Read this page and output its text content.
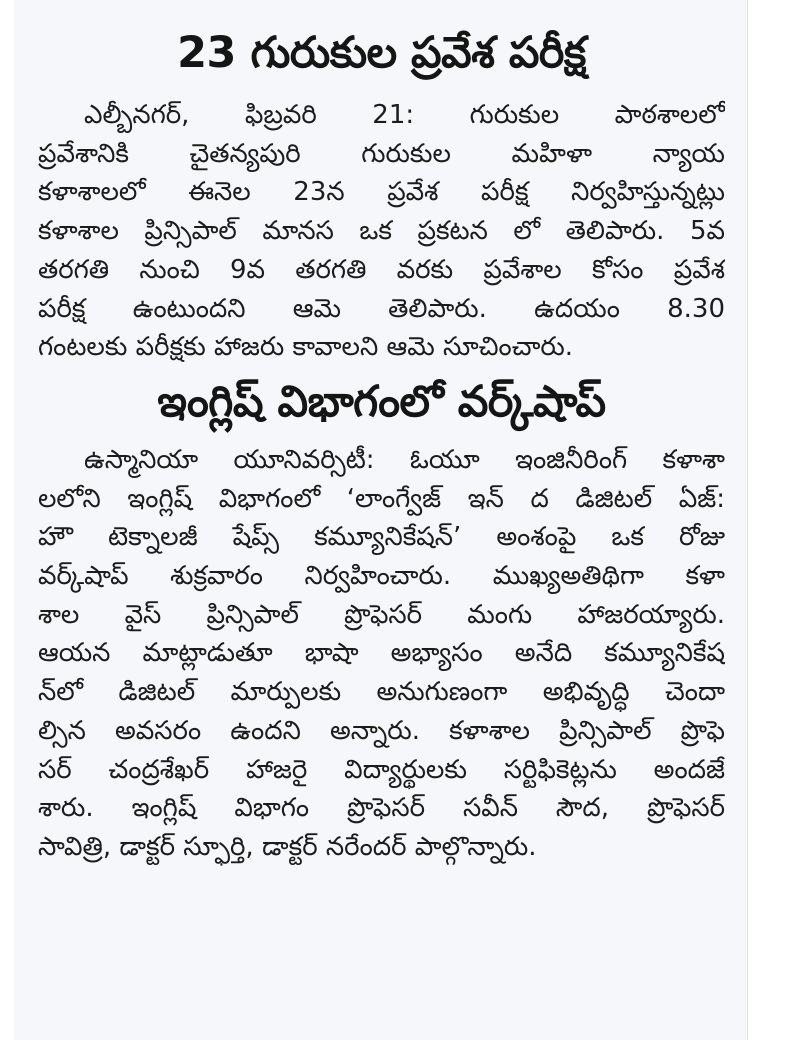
23 గురుకుల ప్రవేశ పరీక్ష
ఎల్బీనగర్, ఫిబ్రవరి 21: గురుకుల పాఠశాలలో
ప్రవేశానికి చైతన్యపురి గురుకుల మహిళా న్యాయ
కళాశాలలో ఈనెల 23న ప్రవేశ పరీక్ష నిర్వహిస్తున్నట్లు
కళాశాల ప్రిన్సిపాల్ మానస ఒక ప్రకటన లో తెలిపారు. 5వ
తరగతి నుంచి 9వ తరగతి వరకు ప్రవేశాల కోసం ప్రవేశ
పరీక్ష ఉంటుందని ఆమె తెలిపారు. ఉదయం 8.30
గంటలకు పరీక్షకు హాజరు కావాలని ఆమె సూచించారు.
ఇంగ్లిష్ విభాగంలో వర్క్‌షాప్
ఉస్మానియా యూనివర్సిటీ: ఓయూ ఇంజినీరింగ్ కళాశా
లలోని ఇంగ్లిష్ విభాగంలో ‘లాంగ్వేజ్ ఇన్ ద డిజిటల్ ఏజ్:
హౌ టెక్నాలజీ షేప్స్ కమ్యూనికేషన్’ అంశంపై ఒక రోజు
వర్క్‌షాప్ శుక్రవారం నిర్వహించారు. ముఖ్యఅతిథిగా కళా
శాల వైస్ ప్రిన్సిపాల్ ప్రొఫెసర్ మంగు హాజరయ్యారు.
ఆయన మాట్లాడుతూ భాషా అభ్యాసం అనేది కమ్యూనికేష
న్‌లో డిజిటల్ మార్పులకు అనుగుణంగా అభివృద్ధి చెందా
ల్సిన అవసరం ఉందని అన్నారు. కళాశాల ప్రిన్సిపాల్ ప్రొఫె
సర్ చంద్రశేఖర్ హాజరై విద్యార్థులకు సర్టిఫికెట్లను అందజే
శారు. ఇంగ్లిష్ విభాగం ప్రొఫెసర్ సవీన్ సౌద, ప్రొఫెసర్
సావిత్రి, డాక్టర్ స్ఫూర్తి, డాక్టర్ నరేందర్ పాల్గొన్నారు.
